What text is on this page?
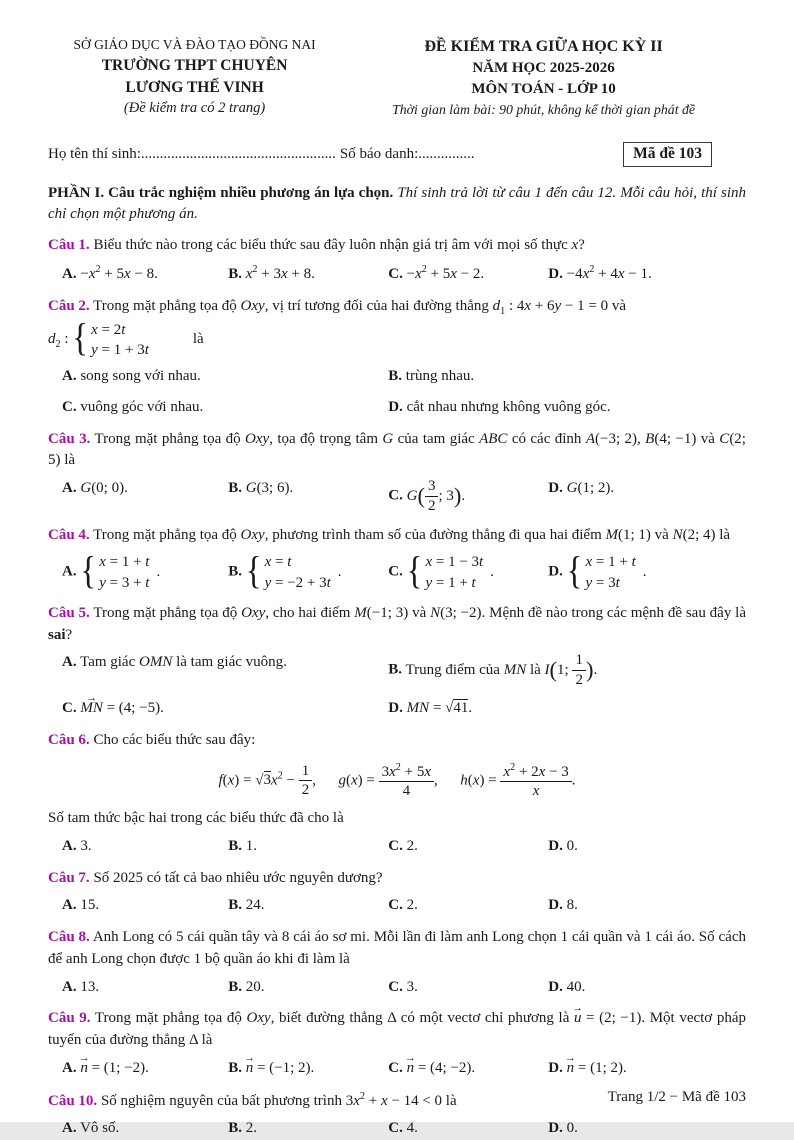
SỞ GIÁO DỤC VÀ ĐÀO TẠO ĐỒNG NAI
TRƯỜNG THPT CHUYÊN
LƯƠNG THẾ VINH
(Đề kiểm tra có 2 trang)
ĐỀ KIỂM TRA GIỮA HỌC KỲ II
NĂM HỌC 2025-2026
MÔN TOÁN - LỚP 10
Thời gian làm bài: 90 phút, không kể thời gian phát đề
Họ tên thí sinh: .................................................... Số báo danh: ...............	Mã đề 103

PHẦN I. Câu trắc nghiệm nhiều phương án lựa chọn. Thí sinh trả lời từ câu 1 đến câu 12. Mỗi câu hỏi, thí sinh chỉ chọn một phương án.

Câu 1. Biểu thức nào trong các biểu thức sau đây luôn nhận giá trị âm với mọi số thực x?

A. $-x^2 + 5x - 8$.	B. $x^2 + 3x + 8$.	C. $-x^2 + 5x - 2$.	D. $-4x^2 + 4x - 1$.

Câu 2. Trong mặt phẳng tọa độ Oxy, vị trí tương đối của hai đường thẳng $d_1$ : 4x + 6y − 1 = 0 và
$d_2$ : { x = 2t
y = 1 + 3t
là

A. song song với nhau.	B. trùng nhau.
C. vuông góc với nhau.	D. cắt nhau nhưng không vuông góc.

Câu 3. Trong mặt phẳng tọa độ Oxy, tọa độ trọng tâm G của tam giác ABC có các đỉnh A(−3; 2), B(4; −1) và C(2; 5) là

A. G(0; 0).	B. G(3; 6).	C. $G( \frac{3}{2}$ ; 3).	D. G(1; 2).

Câu 4. Trong mặt phẳng tọa độ Oxy, phương trình tham số của đường thẳng đi qua hai điểm M(1; 1) và N(2; 4) là

A. { x = 1 + t
y = 3 + t
.	B. { x = t
y = −2 + 3t
.	C. { x = 1 − 3t
y = 1 + t
.	D. { x = 1 + t
y = 3t
.

Câu 5. Trong mặt phẳng tọa độ Oxy, cho hai điểm M(−1; 3) và N(3; −2). Mệnh đề nào trong các mệnh đề sau đây là sai?

A. Tam giác OMN là tam giác vuông.	B. Trung điểm của MN là I(1; $\frac{1}{2}$ ).
C. → MN = (4; −5).	D. MN = √41.

Câu 6. Cho các biểu thức sau đây:

$f(x) = √3x^2 - \frac{1}{2}$ ,  $g(x) = \frac{3x^2 + 5x}{4}$ ,  $h(x) = \frac{x^2 + 2x - 3}{x}$ .

Số tam thức bậc hai trong các biểu thức đã cho là

A. 3.	B. 1.	C. 2.	D. 0.

Câu 7. Số 2025 có tất cả bao nhiêu ước nguyên dương?

A. 15.	B. 24.	C. 2.	D. 8.

Câu 8. Anh Long có 5 cái quần tây và 8 cái áo sơ mi. Mỗi lần đi làm anh Long chọn 1 cái quần và 1 cái áo. Số cách để anh Long chọn được 1 bộ quần áo khi đi làm là

A. 13.	B. 20.	C. 3.	D. 40.

Câu 9. Trong mặt phẳng tọa độ Oxy, biết đường thẳng Δ có một vectơ chỉ phương là → u = (2; −1). Một vectơ pháp tuyến của đường thẳng Δ là

A. → n = (1; −2).	B. → n = (−1; 2).	C. → n = (4; −2).	D. → n = (1; 2).

Câu 10. Số nghiệm nguyên của bất phương trình $3x^2 + x - 14 < 0$ là

A. Vô số.	B. 2.	C. 4.	D. 0.
Trang 1/2 − Mã đề 103
